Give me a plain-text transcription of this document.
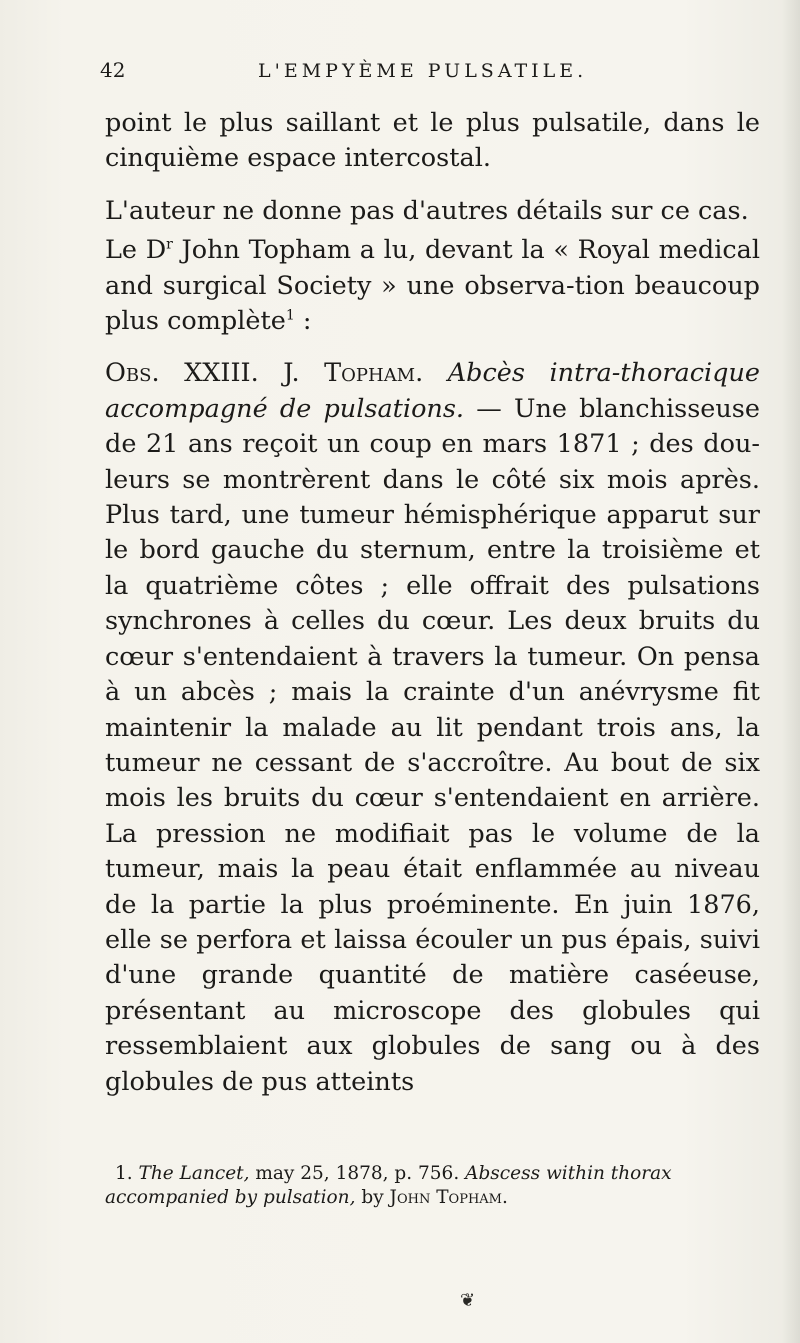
42	L'EMPYÈME PULSATILE.

point le plus saillant et le plus pulsatile, dans le cinquième espace intercostal.

L'auteur ne donne pas d'autres détails sur ce cas.

Le $D^r$ John Topham a lu, devant la « Royal medical and surgical Society » une observa-tion beaucoup plus complète$^1$ :

Obs. XXIII. J. Topham. Abcès intra-thoracique accompagné de pulsations. — Une blanchisseuse de 21 ans reçoit un coup en mars 1871 ; des dou-leurs se montrèrent dans le côté six mois après. Plus tard, une tumeur hémisphérique apparut sur le bord gauche du sternum, entre la troisième et la quatrième côtes ; elle offrait des pulsations synchrones à celles du cœur. Les deux bruits du cœur s'entendaient à travers la tumeur. On pensa à un abcès ; mais la crainte d'un anévrysme fit maintenir la malade au lit pendant trois ans, la tumeur ne cessant de s'accroître. Au bout de six mois les bruits du cœur s'entendaient en arrière. La pression ne modifiait pas le volume de la tumeur, mais la peau était enflammée au niveau de la partie la plus proéminente. En juin 1876, elle se perfora et laissa écouler un pus épais, suivi d'une grande quantité de matière caséeuse, présentant au microscope des globules qui ressemblaient aux globules de sang ou à des globules de pus atteints

1. The Lancet, may 25, 1878, p. 756. Abscess within thorax accompanied by pulsation, by John Topham.

❦
